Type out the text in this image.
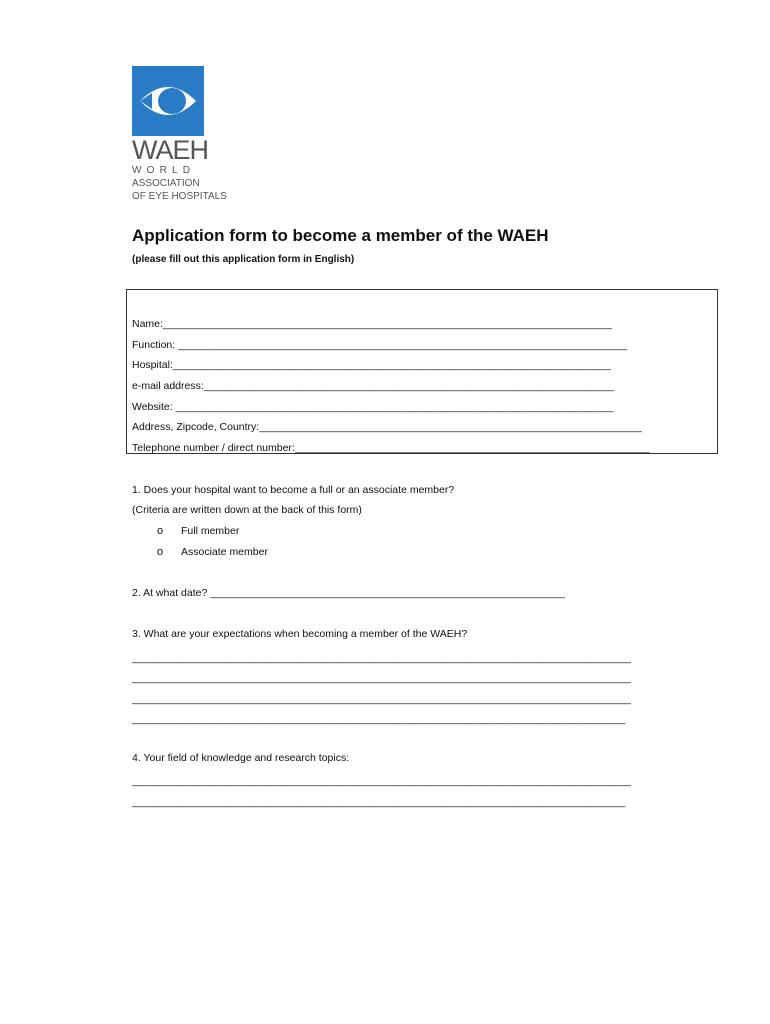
WAEH
WORLD
ASSOCIATION
OF EYE HOSPITALS
Application form to become a member of the WAEH
(please fill out this application form in English)
Name:_________________________________________________________________________________
Function: _________________________________________________________________________________
Hospital:_______________________________________________________________________________
e-mail address:__________________________________________________________________________
Website: _______________________________________________________________________________
Address, Zipcode, Country:_____________________________________________________________________
Telephone number / direct number:________________________________________________________________
1. Does your hospital want to become a full or an associate member?
(Criteria are written down at the back of this form)
o Full member
o Associate member
2. At what date? ________________________________________________________________
3. What are your expectations when becoming a member of the WAEH?
__________________________________________________________________________________________
__________________________________________________________________________________________
__________________________________________________________________________________________
_________________________________________________________________________________________
4. Your field of knowledge and research topics:
__________________________________________________________________________________________
_________________________________________________________________________________________
